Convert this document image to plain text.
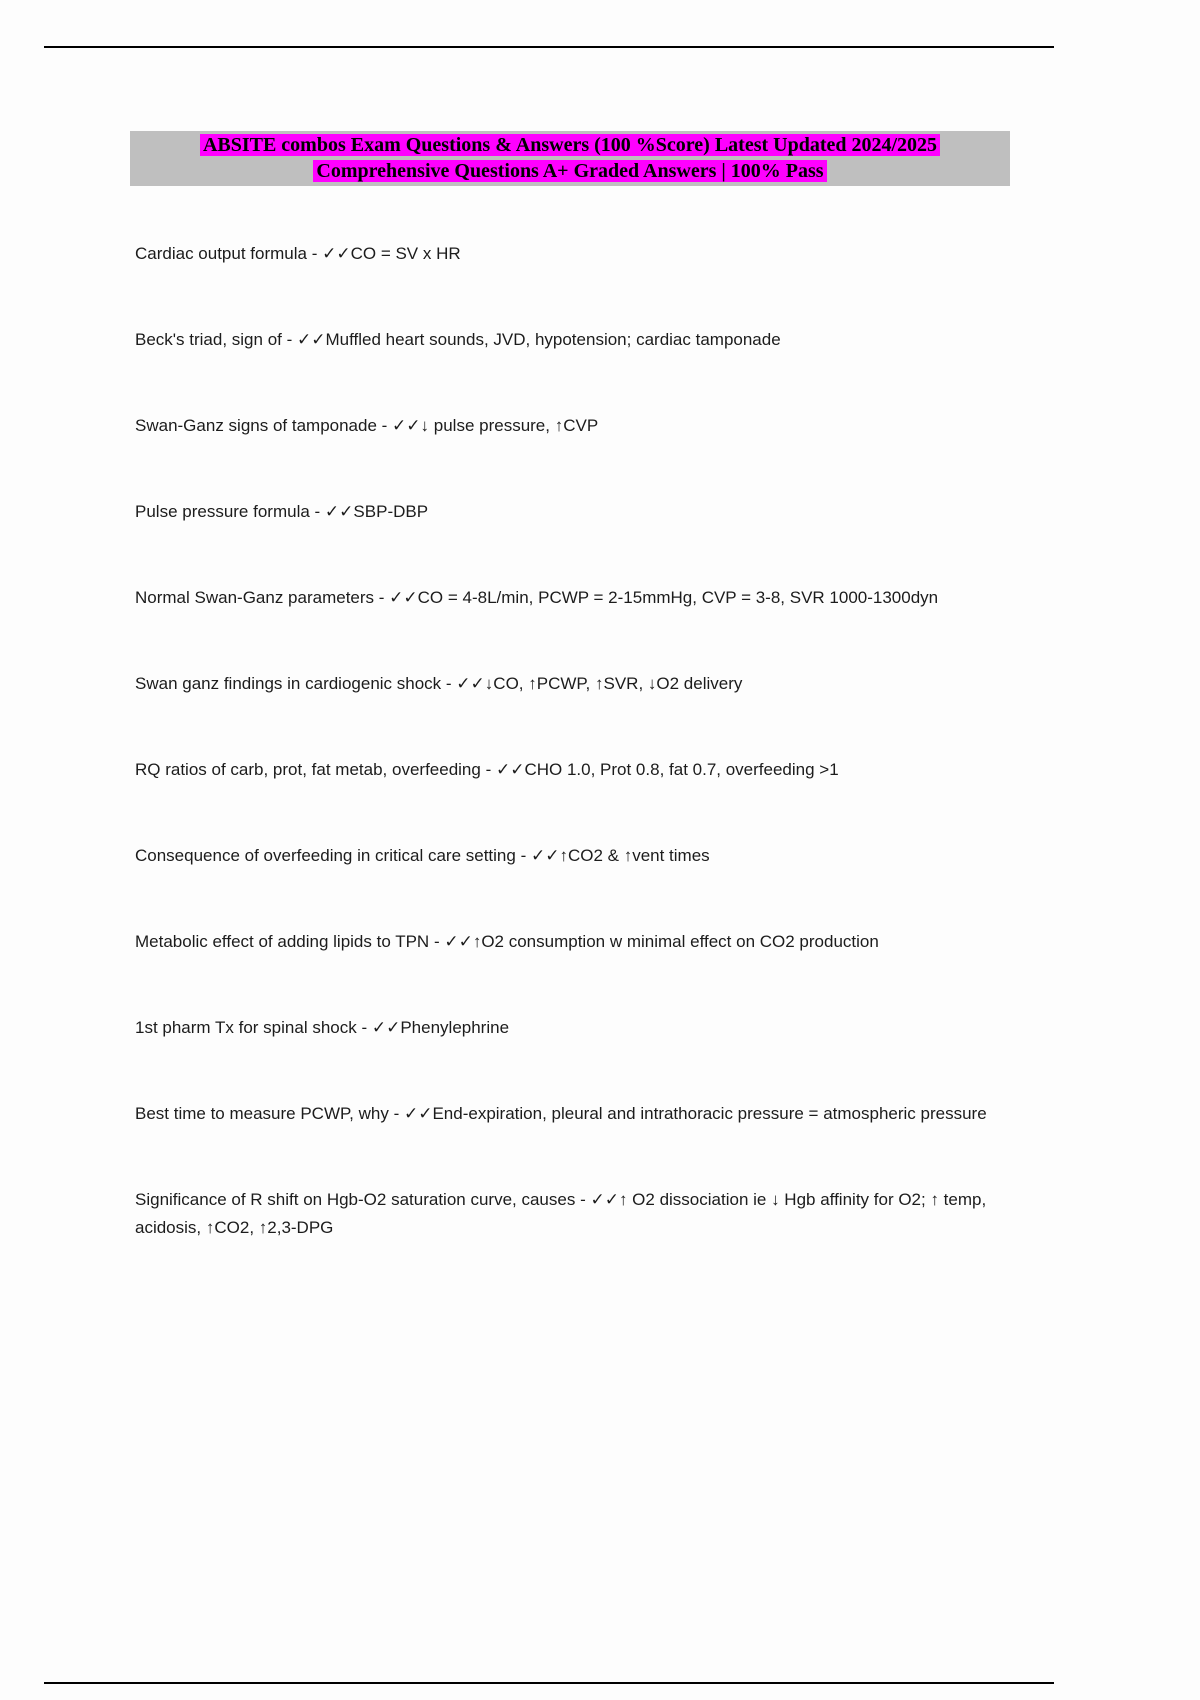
ABSITE combos Exam Questions & Answers (100 %Score) Latest Updated 2024/2025
Comprehensive Questions A+ Graded Answers | 100% Pass

Cardiac output formula - ✓✓CO = SV x HR

Beck's triad, sign of - ✓✓Muffled heart sounds, JVD, hypotension; cardiac tamponade

Swan-Ganz signs of tamponade - ✓✓↓ pulse pressure, ↑CVP

Pulse pressure formula - ✓✓SBP-DBP

Normal Swan-Ganz parameters - ✓✓CO = 4-8L/min, PCWP = 2-15mmHg, CVP = 3-8, SVR 1000-1300dyn

Swan ganz findings in cardiogenic shock - ✓✓↓CO, ↑PCWP, ↑SVR, ↓O2 delivery

RQ ratios of carb, prot, fat metab, overfeeding - ✓✓CHO 1.0, Prot 0.8, fat 0.7, overfeeding >1

Consequence of overfeeding in critical care setting - ✓✓↑CO2 & ↑vent times

Metabolic effect of adding lipids to TPN - ✓✓↑O2 consumption w minimal effect on CO2 production

1st pharm Tx for spinal shock - ✓✓Phenylephrine

Best time to measure PCWP, why - ✓✓End-expiration, pleural and intrathoracic pressure = atmospheric pressure

Significance of R shift on Hgb-O2 saturation curve, causes - ✓✓↑ O2 dissociation ie ↓ Hgb affinity for O2; ↑ temp, acidosis, ↑CO2, ↑2,3-DPG
